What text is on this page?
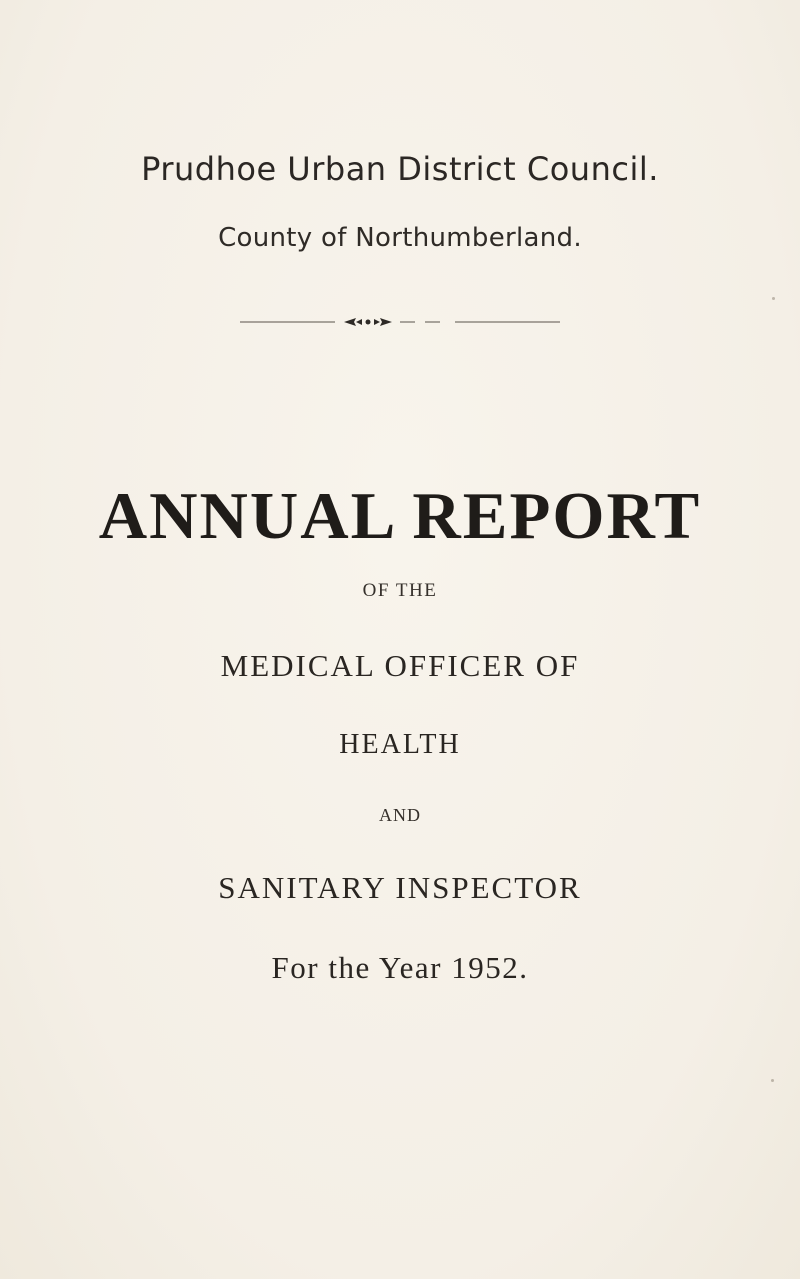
Prudhoe Urban District Council.
County of Northumberland.
ANNUAL REPORT
OF THE
MEDICAL OFFICER OF
HEALTH
AND
SANITARY INSPECTOR
For the Year 1952.
